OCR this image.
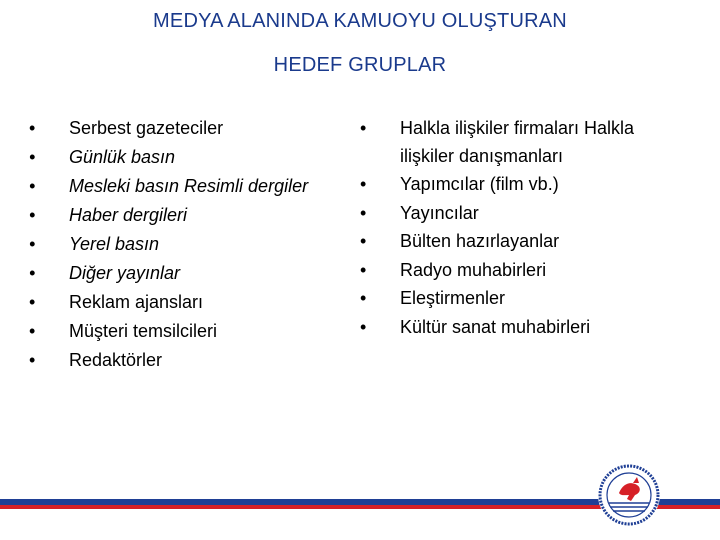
MEDYA ALANINDA KAMUOYU OLUŞTURAN
HEDEF GRUPLAR
• Serbest gazeteciler
• Günlük basın
• Mesleki basın Resimli dergiler
• Haber dergileri
• Yerel basın
• Diğer yayınlar
• Reklam ajansları
• Müşteri temsilcileri
• Redaktörler
• Halkla ilişkiler firmaları Halkla ilişkiler danışmanları
• Yapımcılar (film vb.)
• Yayıncılar
• Bülten hazırlayanlar
• Radyo muhabirleri
• Eleştirmenler
• Kültür sanat muhabirleri
